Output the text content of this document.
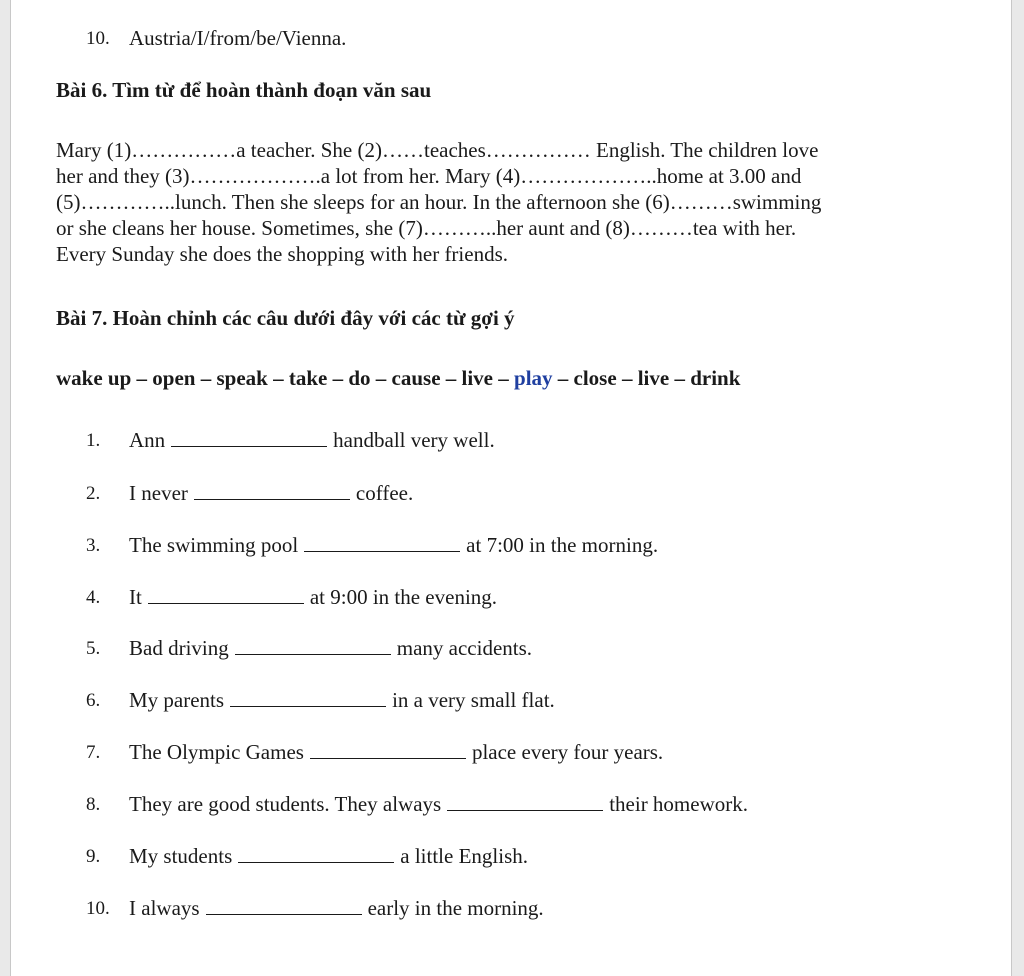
10. Austria/I/from/be/Vienna.
Bài 6. Tìm từ để hoàn thành đoạn văn sau
Mary (1)……………a teacher. She (2)……teaches…………… English. The children love
her and they (3)……………….a lot from her. Mary (4)………………..home at 3.00 and
(5)…………..lunch. Then she sleeps for an hour. In the afternoon she (6)………swimming
or she cleans her house. Sometimes, she (7)………..her aunt and (8)………tea with her.
Every Sunday she does the shopping with her friends.
Bài 7. Hoàn chỉnh các câu dưới đây với các từ gợi ý
wake up – open – speak – take – do – cause – live – play – close – live – drink
1. Ann	handball very well.
2. I never	coffee.
3. The swimming pool	at 7:00 in the morning.
4. It	at 9:00 in the evening.
5. Bad driving	many accidents.
6. My parents	in a very small flat.
7. The Olympic Games	place every four years.
8. They are good students. They always	their homework.
9. My students	a little English.
10. I always	early in the morning.
